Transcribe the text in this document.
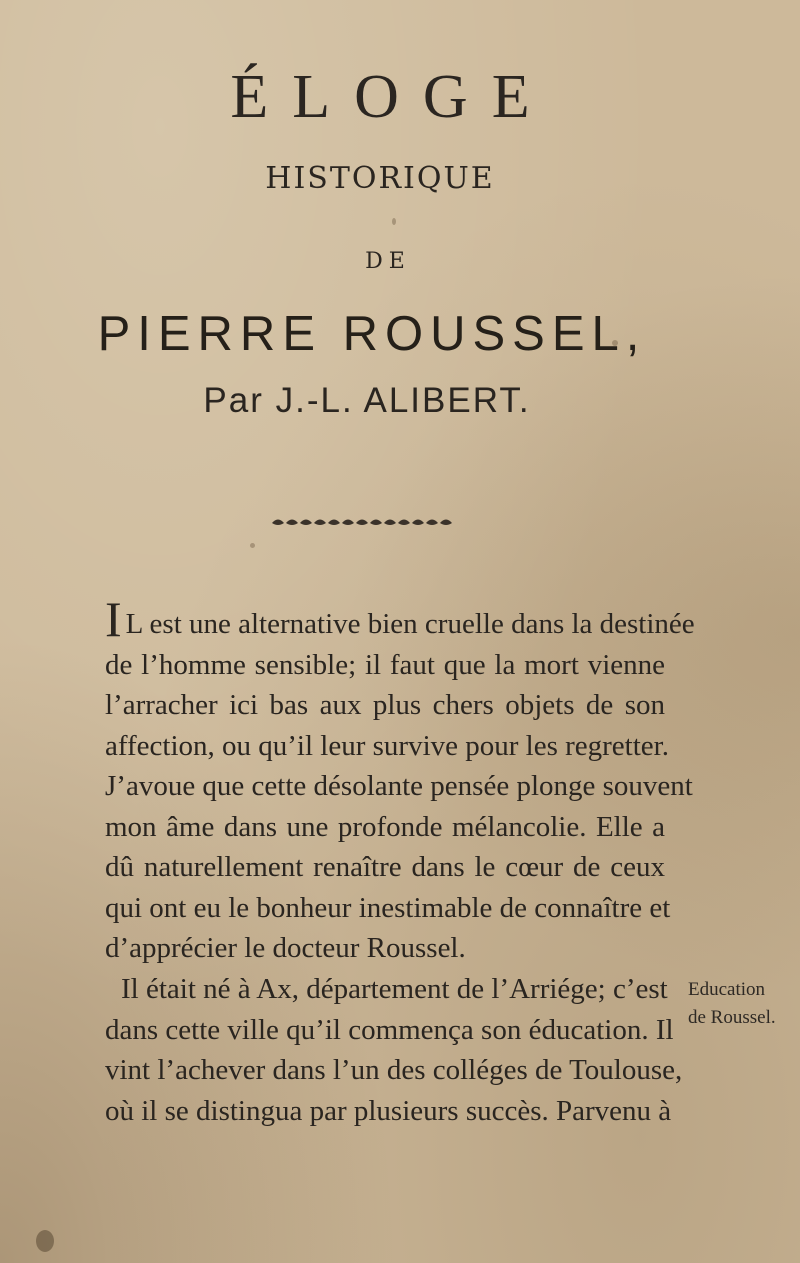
ÉLOGE
HISTORIQUE
DE
PIERRE ROUSSEL,
Par J.-L. ALIBERT.
I L est une alternative bien cruelle dans la destinée
de l’homme sensible; il faut que la mort vienne
l’arracher ici bas aux plus chers objets de son
affection, ou qu’il leur survive pour les regretter.
J’avoue que cette désolante pensée plonge souvent
mon âme dans une profonde mélancolie. Elle a
dû naturellement renaître dans le cœur de ceux
qui ont eu le bonheur inestimable de connaître et
d’apprécier le docteur Roussel.
Il était né à Ax, département de l’Arriége; c’est
dans cette ville qu’il commença son éducation. Il
vint l’achever dans l’un des colléges de Toulouse,
où il se distingua par plusieurs succès. Parvenu à
Education
de Roussel.
